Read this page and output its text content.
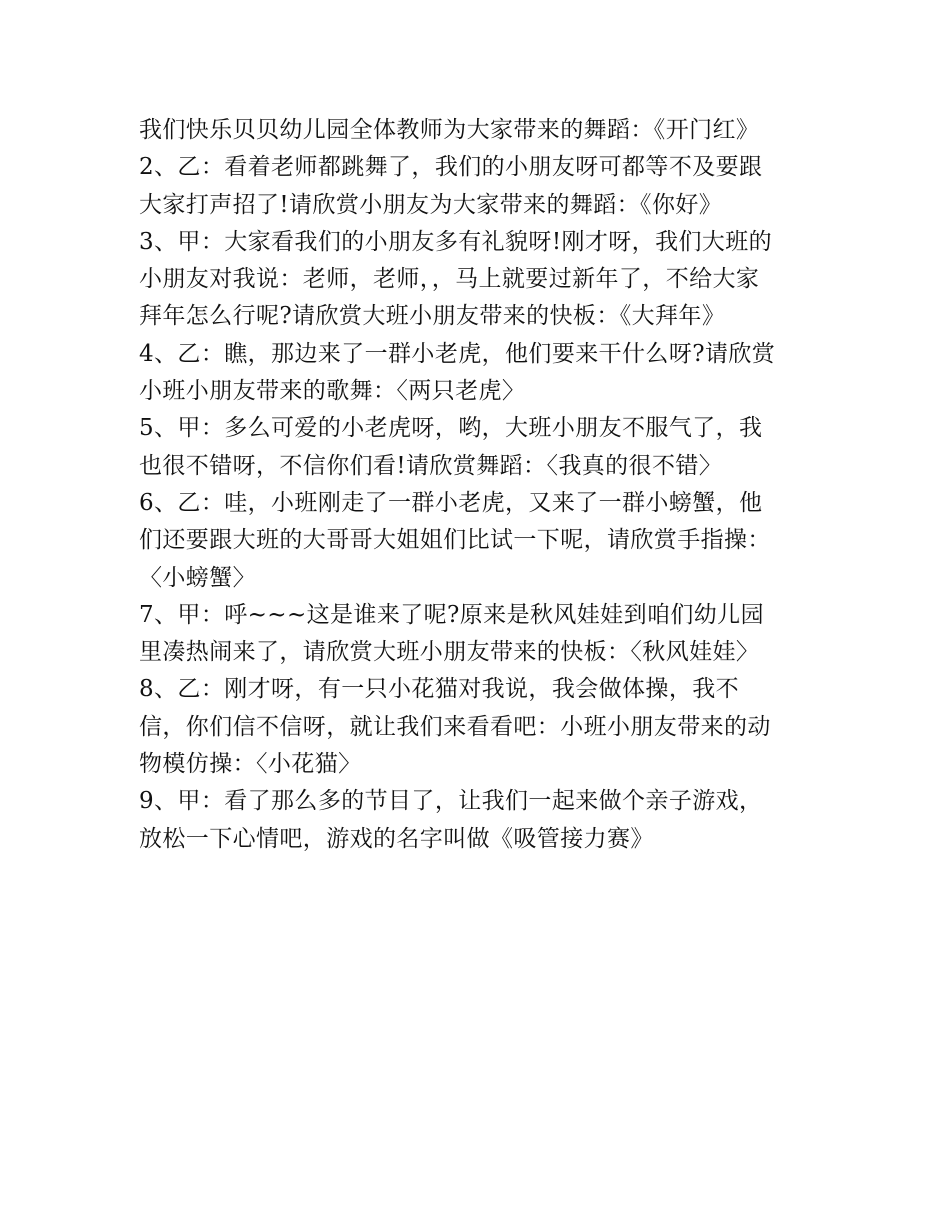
我们快乐贝贝幼儿园全体教师为大家带来的舞蹈：《开门红》
2、乙：看着老师都跳舞了，我们的小朋友呀可都等不及要跟
大家打声招了!请欣赏小朋友为大家带来的舞蹈：《你好》
3、甲：大家看我们的小朋友多有礼貌呀!刚才呀，我们大班的
小朋友对我说：老师，老师，，马上就要过新年了，不给大家
拜年怎么行呢?请欣赏大班小朋友带来的快板：《大拜年》
4、乙：瞧，那边来了一群小老虎，他们要来干什么呀?请欣赏
小班小朋友带来的歌舞：〈两只老虎〉
5、甲：多么可爱的小老虎呀，哟，大班小朋友不服气了，我
也很不错呀，不信你们看!请欣赏舞蹈：〈我真的很不错〉
6、乙：哇，小班刚走了一群小老虎，又来了一群小螃蟹，他
们还要跟大班的大哥哥大姐姐们比试一下呢，请欣赏手指操：
〈小螃蟹〉
7、甲：呼~~~这是谁来了呢?原来是秋风娃娃到咱们幼儿园
里凑热闹来了，请欣赏大班小朋友带来的快板：〈秋风娃娃〉
8、乙：刚才呀，有一只小花猫对我说，我会做体操，我不
信，你们信不信呀，就让我们来看看吧：小班小朋友带来的动
物模仿操：〈小花猫〉
9、甲：看了那么多的节目了，让我们一起来做个亲子游戏，
放松一下心情吧，游戏的名字叫做《吸管接力赛》
